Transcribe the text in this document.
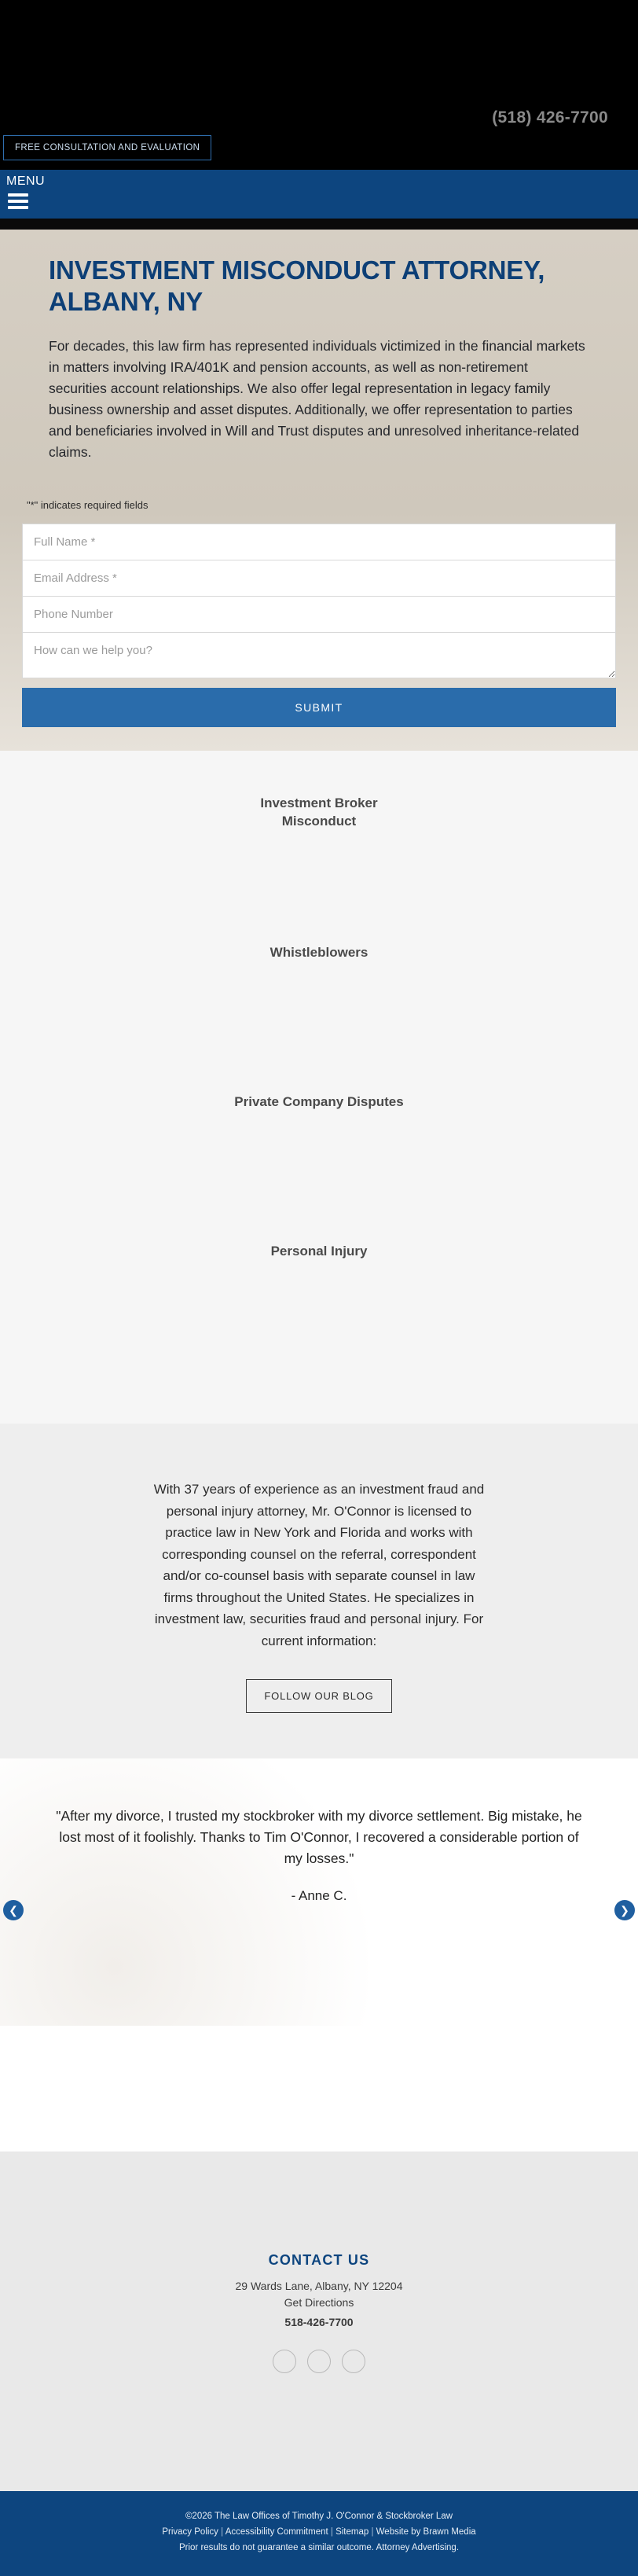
(518) 426-7700
FREE CONSULTATION AND EVALUATION
MENU
INVESTMENT MISCONDUCT ATTORNEY, ALBANY, NY

For decades, this law firm has represented individuals victimized in the financial markets in matters involving IRA/401K and pension accounts, as well as non-retirement securities account relationships. We also offer legal representation in legacy family business ownership and asset disputes. Additionally, we offer representation to parties and beneficiaries involved in Will and Trust disputes and unresolved inheritance-related claims.

"*" indicates required fields
Full Name *
Email Address *
Phone Number
How can we help you? SUBMIT
Investment Broker Misconduct
Whistleblowers
Private Company Disputes
Personal Injury

With 37 years of experience as an investment fraud and personal injury attorney, Mr. O'Connor is licensed to practice law in New York and Florida and works with corresponding counsel on the referral, correspondent and/or co-counsel basis with separate counsel in law firms throughout the United States. He specializes in investment law, securities fraud and personal injury. For current information:

FOLLOW OUR BLOG
❮	❯

"After my divorce, I trusted my stockbroker with my divorce settlement. Big mistake, he lost most of it foolishly. Thanks to Tim O'Connor, I recovered a considerable portion of my losses."

- Anne C.

CONTACT US
29 Wards Lane, Albany, NY 12204
Get Directions
518-426-7700
©2026 The Law Offices of Timothy J. O'Connor & Stockbroker Law
Privacy Policy | Accessibility Commitment | Sitemap | Website by Brawn Media
Prior results do not guarantee a similar outcome. Attorney Advertising.
